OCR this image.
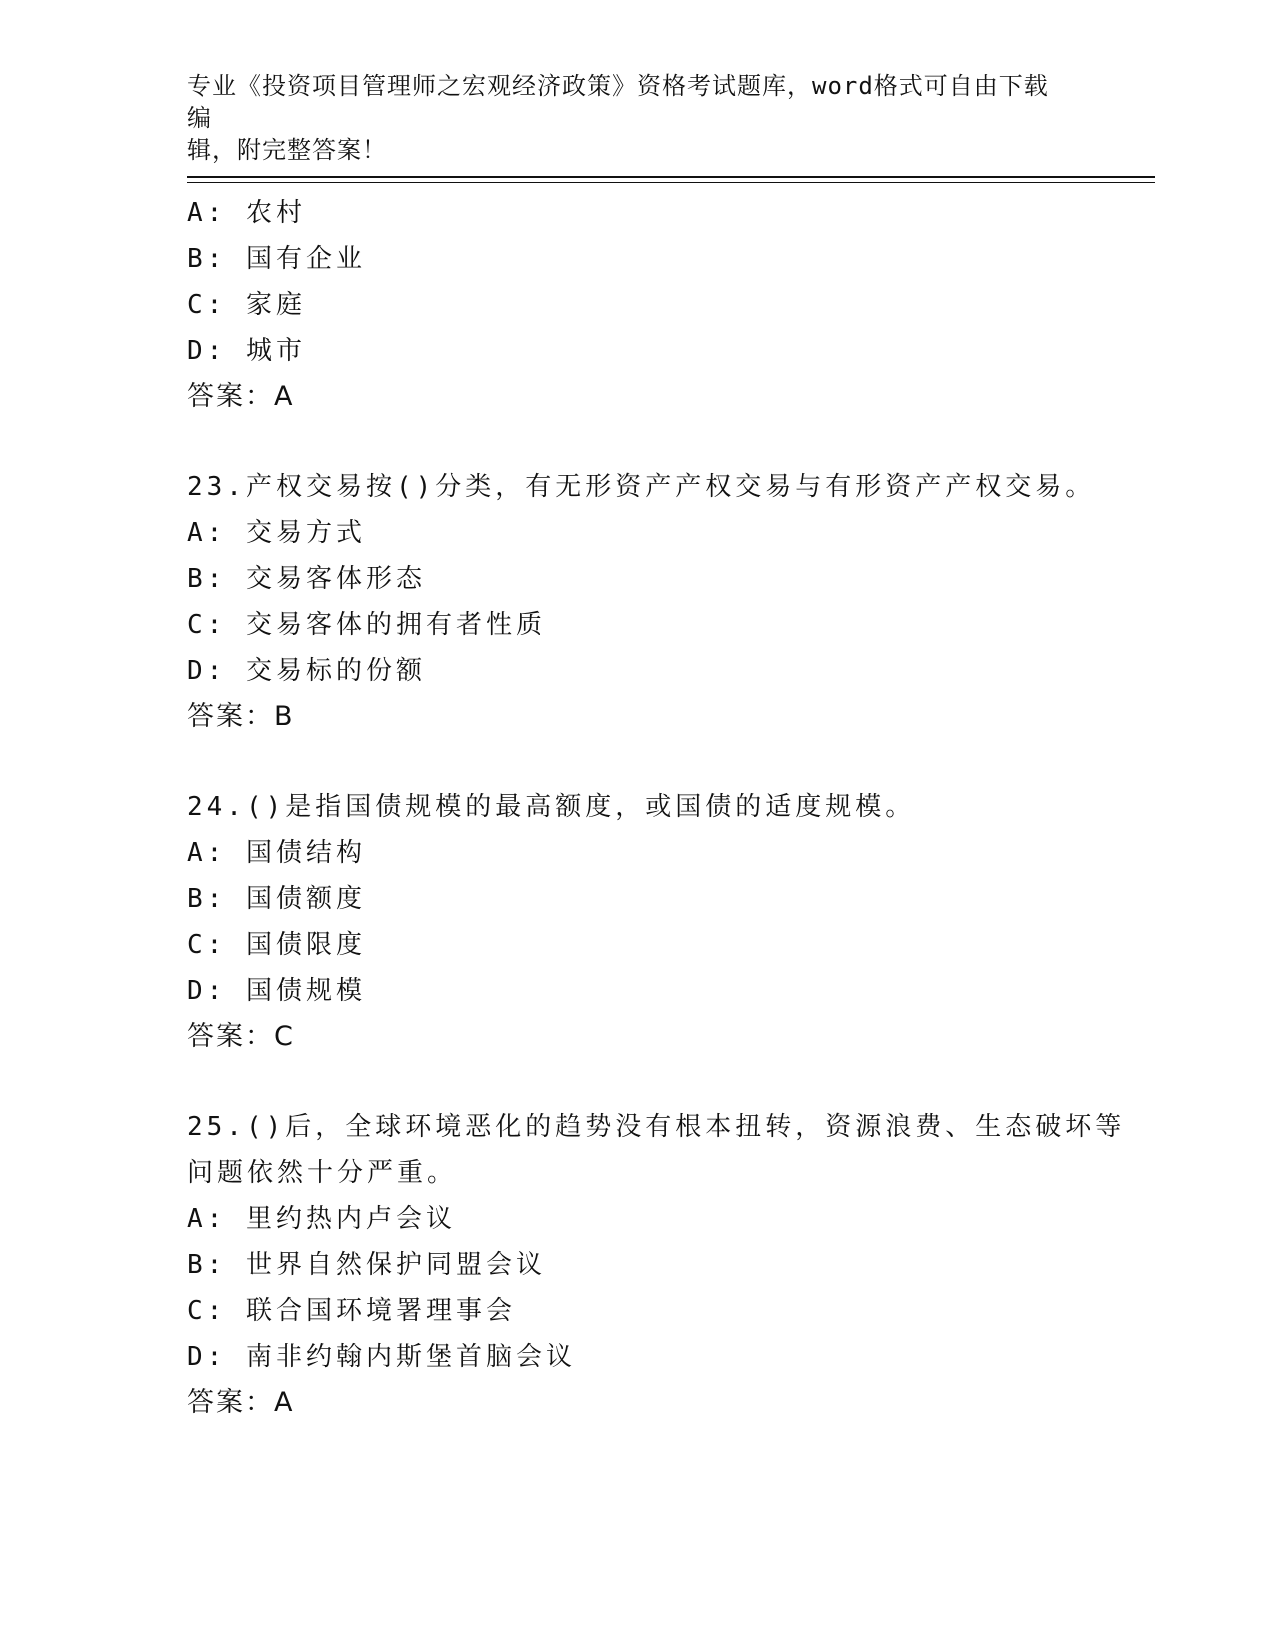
专业《投资项目管理师之宏观经济政策》资格考试题库，word格式可自由下载编
辑，附完整答案！
A: 农村
B: 国有企业
C: 家庭
D: 城市
答案：A
23.产权交易按()分类，有无形资产产权交易与有形资产产权交易。
A: 交易方式
B: 交易客体形态
C: 交易客体的拥有者性质
D: 交易标的份额
答案：B
24.()是指国债规模的最高额度，或国债的适度规模。
A: 国债结构
B: 国债额度
C: 国债限度
D: 国债规模
答案：C
25.()后，全球环境恶化的趋势没有根本扭转，资源浪费、生态破坏等
问题依然十分严重。
A: 里约热内卢会议
B: 世界自然保护同盟会议
C: 联合国环境署理事会
D: 南非约翰内斯堡首脑会议
答案：A
